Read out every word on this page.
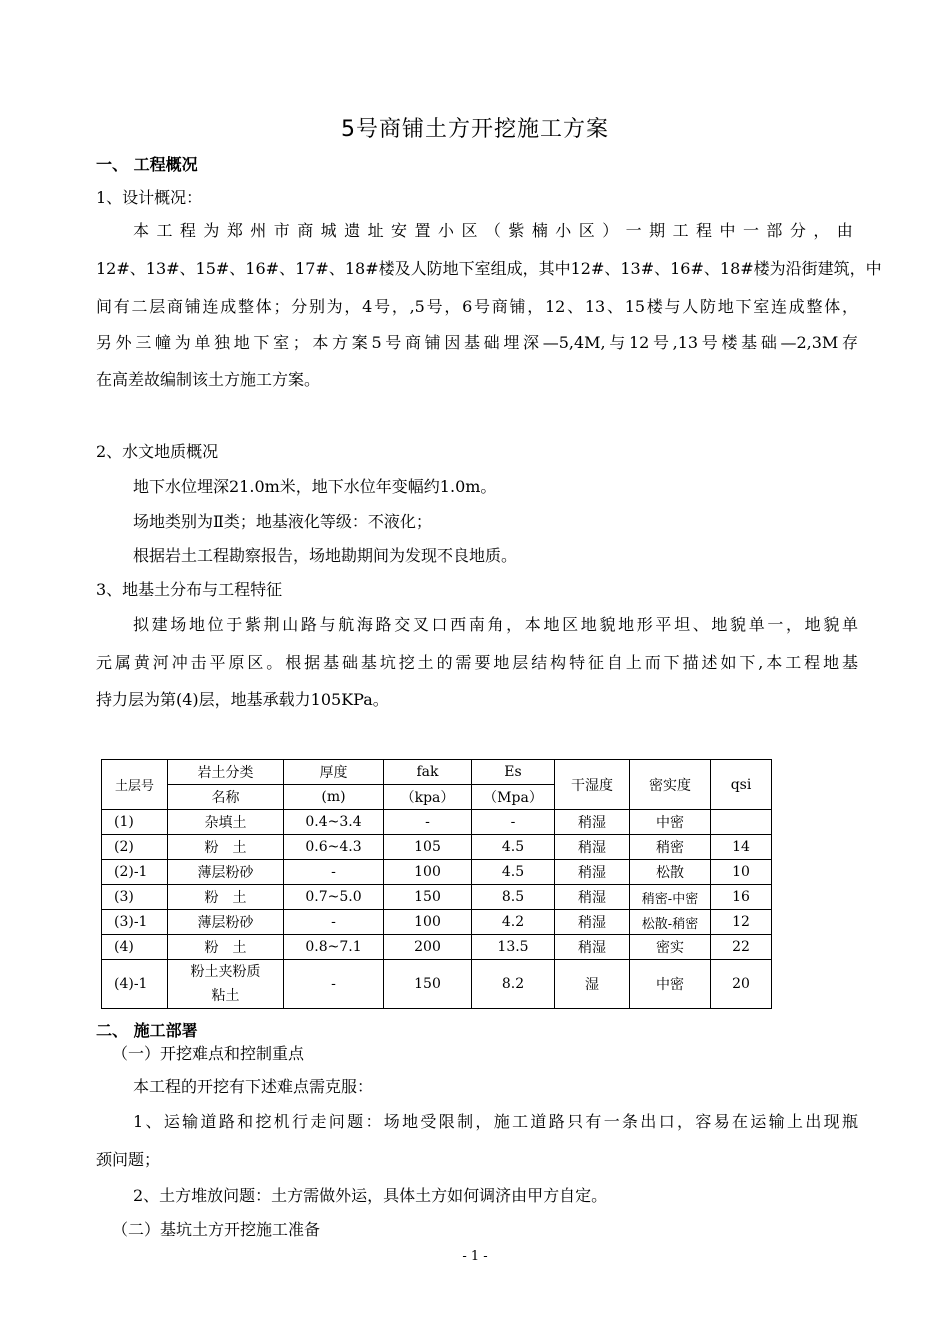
5号商铺土方开挖施工方案
一、 工程概况
1、设计概况：
本工程为郑州市商城遗址安置小区（紫楠小区）一期工程中一部分，由
12#、13#、15#、16#、17#、18#楼及人防地下室组成，其中12#、13#、16#、18#楼为沿街建筑，中
间有二层商铺连成整体；分别为，4号，,5号，6号商铺，12、13、15楼与人防地下室连成整体，
另外三幢为单独地下室；本方案5号商铺因基础埋深—5,4M,与12号,13号楼基础—2,3M存
在高差故编制该土方施工方案。
2、水文地质概况
地下水位埋深21.0m米，地下水位年变幅约1.0m。
场地类别为Ⅱ类；地基液化等级：不液化；
根据岩土工程勘察报告，场地勘期间为发现不良地质。
3、地基土分布与工程特征
拟建场地位于紫荆山路与航海路交叉口西南角，本地区地貌地形平坦、地貌单一，地貌单
元属黄河冲击平原区。根据基础基坑挖土的需要地层结构特征自上而下描述如下,本工程地基
持力层为第(4)层，地基承载力105KPa。
土层号	岩土分类	厚度	fak	Es	干湿度	密实度	qsi
	名称	(m)	（kpa）	（Mpa）			
(1)	杂填土	0.4~3.4	-	-	稍湿	中密	
(2)	粉　土	0.6~4.3	105	4.5	稍湿	稍密	14
(2)-1	薄层粉砂	-	100	4.5	稍湿	松散	10
(3)	粉　土	0.7~5.0	150	8.5	稍湿	稍密-中密	16
(3)-1	薄层粉砂	-	100	4.2	稍湿	松散-稍密	12
(4)	粉　土	0.8~7.1	200	13.5	稍湿	密实	22
(4)-1	粉土夹粉质
粘土	-	150	8.2	湿	中密	20
二、 施工部署
（一）开挖难点和控制重点
本工程的开挖有下述难点需克服：
1、运输道路和挖机行走问题：场地受限制，施工道路只有一条出口，容易在运输上出现瓶
颈问题；
2、土方堆放问题：土方需做外运，具体土方如何调济由甲方自定。
（二）基坑土方开挖施工准备
- 1 -
